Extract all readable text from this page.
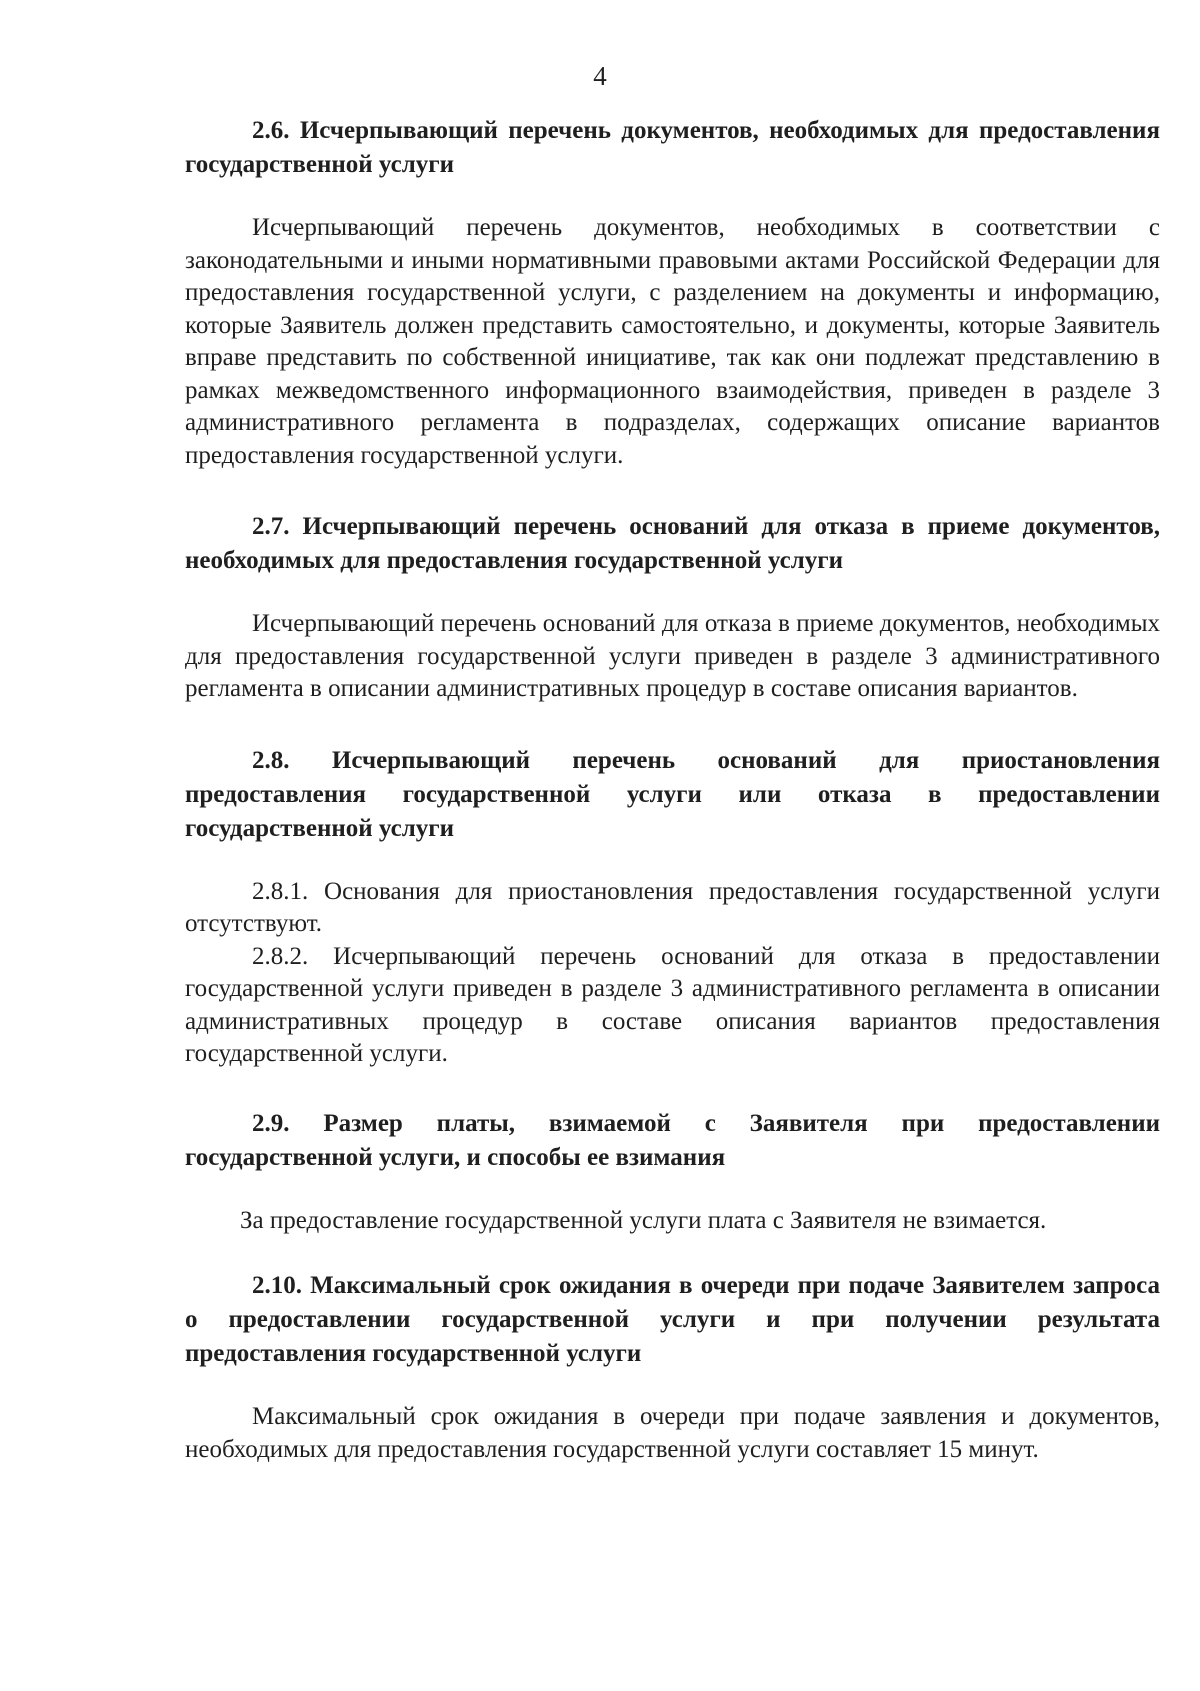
4

2.6. Исчерпывающий перечень документов, необходимых для предоставления государственной услуги

Исчерпывающий перечень документов, необходимых в соответствии с законодательными и иными нормативными правовыми актами Российской Федерации для предоставления государственной услуги, с разделением на документы и информацию, которые Заявитель должен представить самостоятельно, и документы, которые Заявитель вправе представить по собственной инициативе, так как они подлежат представлению в рамках межведомственного информационного взаимодействия, приведен в разделе 3 административного регламента в подразделах, содержащих описание вариантов предоставления государственной услуги.

2.7. Исчерпывающий перечень оснований для отказа в приеме документов, необходимых для предоставления государственной услуги

Исчерпывающий перечень оснований для отказа в приеме документов, необходимых для предоставления государственной услуги приведен в разделе 3 административного регламента в описании административных процедур в составе описания вариантов.

2.8. Исчерпывающий перечень оснований для приостановления предоставления государственной услуги или отказа в предоставлении государственной услуги

2.8.1. Основания для приостановления предоставления государственной услуги отсутствуют.

2.8.2. Исчерпывающий перечень оснований для отказа в предоставлении государственной услуги приведен в разделе 3 административного регламента в описании административных процедур в составе описания вариантов предоставления государственной услуги.

2.9. Размер платы, взимаемой с Заявителя при предоставлении государственной услуги, и способы ее взимания

За предоставление государственной услуги плата с Заявителя не взимается.

2.10. Максимальный срок ожидания в очереди при подаче Заявителем запроса о предоставлении государственной услуги и при получении результата предоставления государственной услуги

Максимальный срок ожидания в очереди при подаче заявления и документов, необходимых для предоставления государственной услуги составляет 15 минут.
